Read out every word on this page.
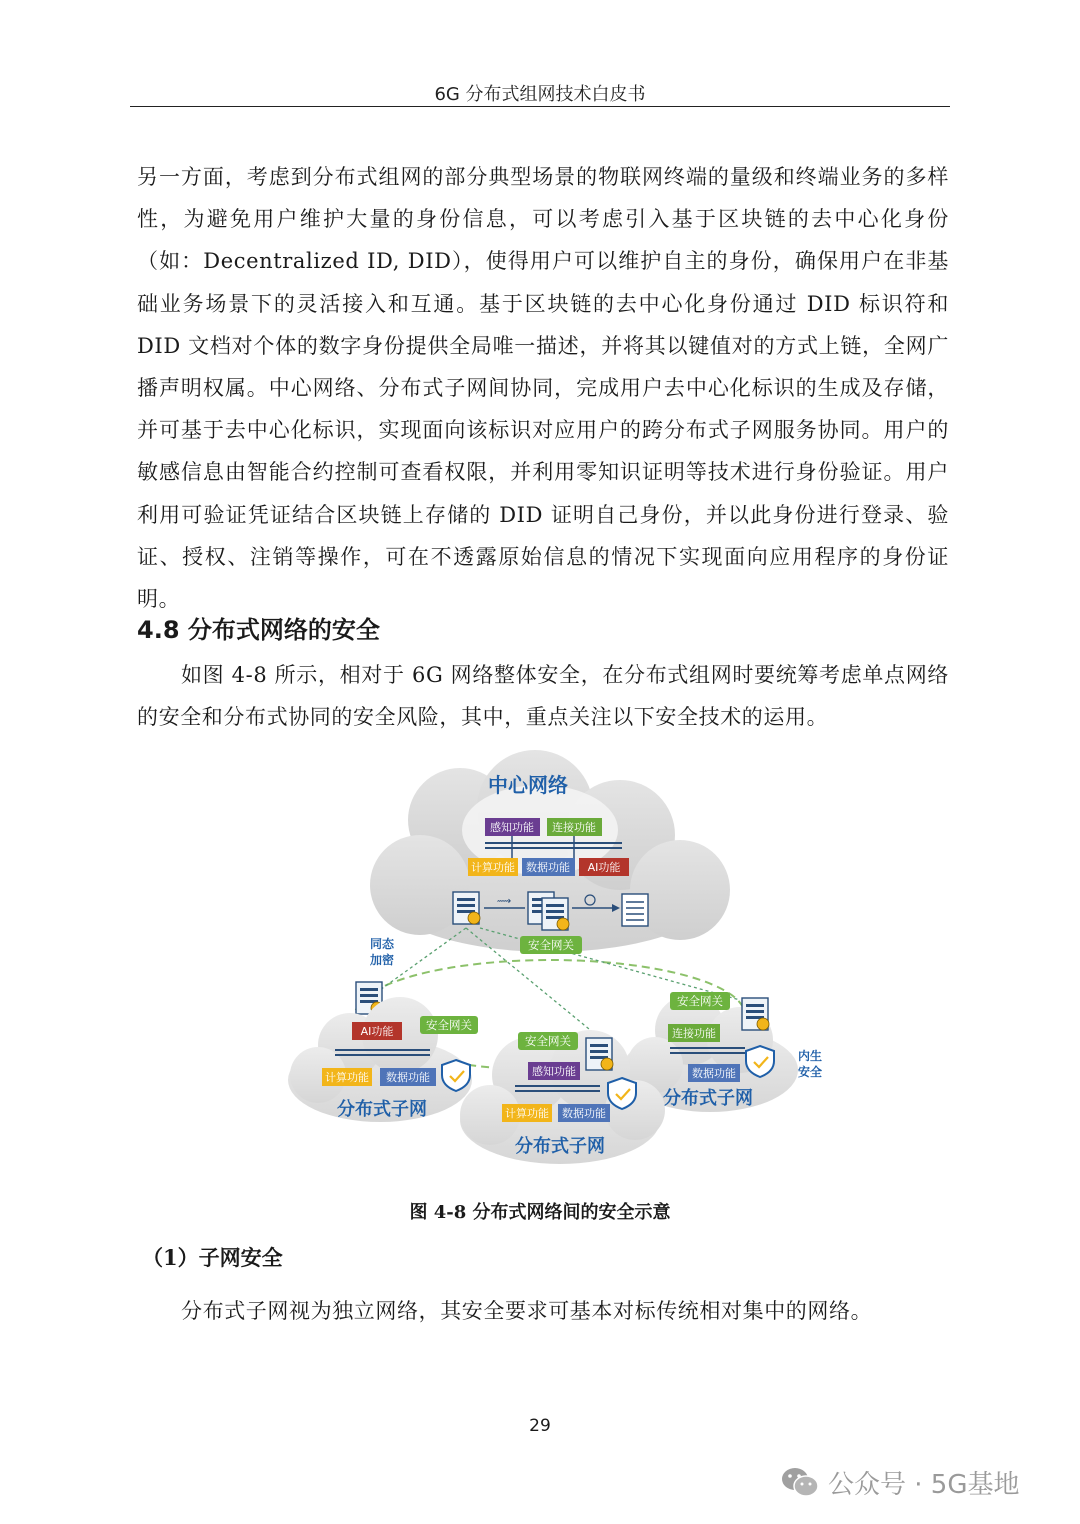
6G 分布式组网技术白皮书

另一方面，考虑到分布式组网的部分典型场景的物联网终端的量级和终端业务的多样性，为避免用户维护大量的身份信息，可以考虑引入基于区块链的去中心化身份（如：Decentralized ID, DID），使得用户可以维护自主的身份，确保用户在非基础业务场景下的灵活接入和互通。基于区块链的去中心化身份通过 DID 标识符和 DID 文档对个体的数字身份提供全局唯一描述，并将其以键值对的方式上链，全网广播声明权属。中心网络、分布式子网间协同，完成用户去中心化标识的生成及存储，并可基于去中心化标识，实现面向该标识对应用户的跨分布式子网服务协同。用户的敏感信息由智能合约控制可查看权限，并利用零知识证明等技术进行身份验证。用户利用可验证凭证结合区块链上存储的 DID 证明自己身份，并以此身份进行登录、验证、授权、注销等操作，可在不透露原始信息的情况下实现面向应用程序的身份证明。

4.8 分布式网络的安全

如图 4-8 所示，相对于 6G 网络整体安全，在分布式组网时要统筹考虑单点网络的安全和分布式协同的安全风险，其中，重点关注以下安全技术的运用。

中心网络
感知功能 连接功能
计算功能 数据功能 AI功能
⟿
安全网关
同态
加密
安全网关
AI功能
计算功能 数据功能
分布式子网
安全网关
连接功能
数据功能
分布式子网
内生
安全
安全网关
感知功能
计算功能 数据功能
分布式子网
图 4-8 分布式网络间的安全示意
（1）子网安全

分布式子网视为独立网络，其安全要求可基本对标传统相对集中的网络。

29
公众号 · 5G基地
